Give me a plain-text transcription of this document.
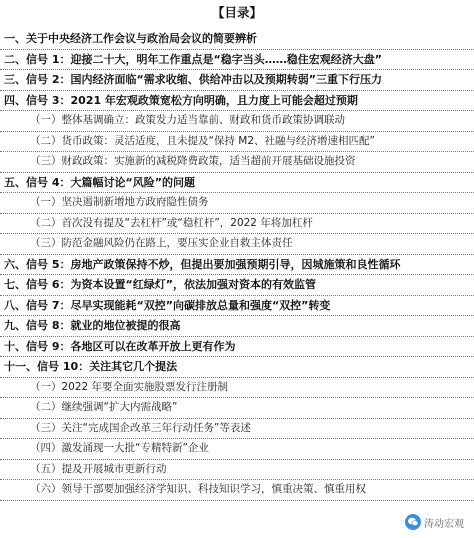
【目录】
一、关于中央经济工作会议与政治局会议的简要辨析
二、信号 1：迎接二十大，明年工作重点是“稳字当头……稳住宏观经济大盘”
三、信号 2：国内经济面临“需求收缩、供给冲击以及预期转弱”三重下行压力
四、信号 3：2021 年宏观政策宽松方向明确，且力度上可能会超过预期
（一）整体基调确立：政策发力适当靠前、财政和货币政策协调联动
（二）货币政策：灵活适度，且未提及“保持 M2、社融与经济增速相匹配”
（三）财政政策：实施新的减税降费政策，适当超前开展基础设施投资
五、信号 4：大篇幅讨论“风险”的问题
（一）坚决遏制新增地方政府隐性债务
（二）首次没有提及“去杠杆”或“稳杠杆”，2022 年将加杠杆
（三）防范金融风险仍在路上，要压实企业自救主体责任
六、信号 5：房地产政策保持不炒，但提出要加强预期引导，因城施策和良性循环
七、信号 6：为资本设置“红绿灯”，依法加强对资本的有效监管
八、信号 7：尽早实现能耗“双控”向碳排放总量和强度“双控”转变
九、信号 8：就业的地位被提的很高
十、信号 9：各地区可以在改革开放上更有作为
十一、信号 10：关注其它几个提法
（一）2022 年要全面实施股票发行注册制
（二）继续强调“扩大内需战略”
（三）关注“完成国企改革三年行动任务”等表述
（四）激发涌现一大批“专精特新”企业
（五）提及开展城市更新行动
（六）领导干部要加强经济学知识、科技知识学习，慎重决策、慎重用权
涛动宏观
